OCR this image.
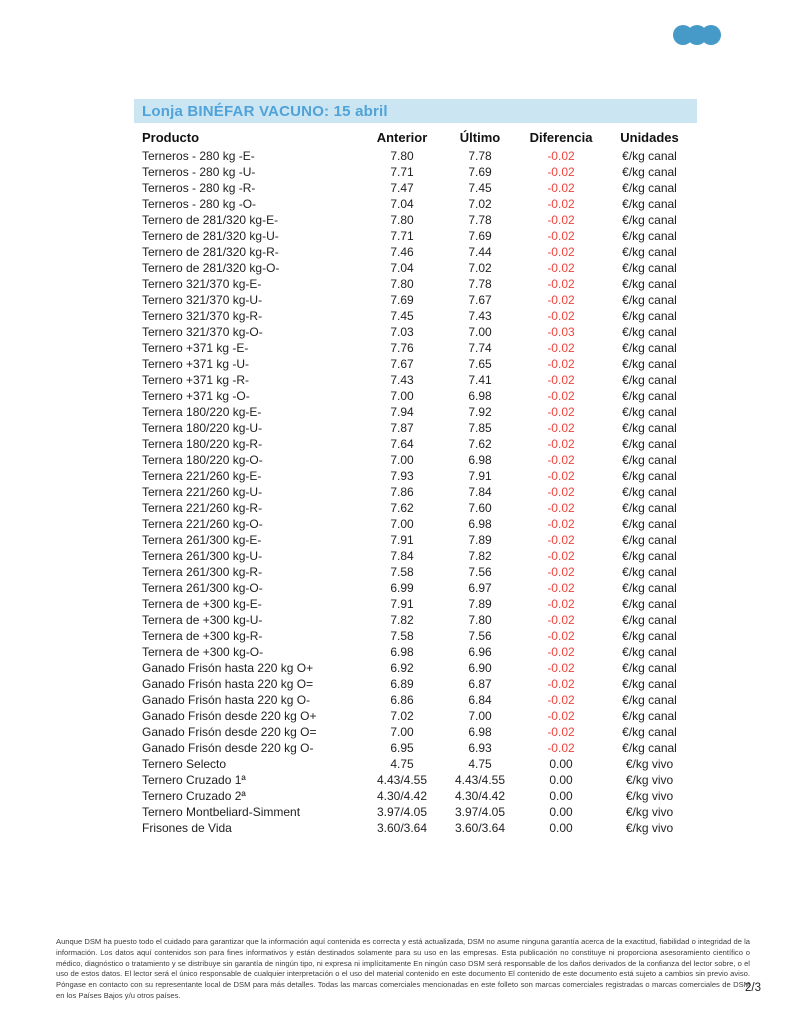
Lonja BINÉFAR VACUNO: 15 abril
Producto	Anterior	Último	Diferencia	Unidades
Terneros - 280 kg -E-	7.80	7.78	-0.02	€/kg canal
Terneros - 280 kg -U-	7.71	7.69	-0.02	€/kg canal
Terneros - 280 kg -R-	7.47	7.45	-0.02	€/kg canal
Terneros - 280 kg -O-	7.04	7.02	-0.02	€/kg canal
Ternero de 281/320 kg-E-	7.80	7.78	-0.02	€/kg canal
Ternero de 281/320 kg-U-	7.71	7.69	-0.02	€/kg canal
Ternero de 281/320 kg-R-	7.46	7.44	-0.02	€/kg canal
Ternero de 281/320 kg-O-	7.04	7.02	-0.02	€/kg canal
Ternero 321/370 kg-E-	7.80	7.78	-0.02	€/kg canal
Ternero 321/370 kg-U-	7.69	7.67	-0.02	€/kg canal
Ternero 321/370 kg-R-	7.45	7.43	-0.02	€/kg canal
Ternero 321/370 kg-O-	7.03	7.00	-0.03	€/kg canal
Ternero +371 kg -E-	7.76	7.74	-0.02	€/kg canal
Ternero +371 kg -U-	7.67	7.65	-0.02	€/kg canal
Ternero +371 kg -R-	7.43	7.41	-0.02	€/kg canal
Ternero +371 kg -O-	7.00	6.98	-0.02	€/kg canal
Ternera 180/220 kg-E-	7.94	7.92	-0.02	€/kg canal
Ternera 180/220 kg-U-	7.87	7.85	-0.02	€/kg canal
Ternera 180/220 kg-R-	7.64	7.62	-0.02	€/kg canal
Ternera 180/220 kg-O-	7.00	6.98	-0.02	€/kg canal
Ternera 221/260 kg-E-	7.93	7.91	-0.02	€/kg canal
Ternera 221/260 kg-U-	7.86	7.84	-0.02	€/kg canal
Ternera 221/260 kg-R-	7.62	7.60	-0.02	€/kg canal
Ternera 221/260 kg-O-	7.00	6.98	-0.02	€/kg canal
Ternera 261/300 kg-E-	7.91	7.89	-0.02	€/kg canal
Ternera 261/300 kg-U-	7.84	7.82	-0.02	€/kg canal
Ternera 261/300 kg-R-	7.58	7.56	-0.02	€/kg canal
Ternera 261/300 kg-O-	6.99	6.97	-0.02	€/kg canal
Ternera de +300 kg-E-	7.91	7.89	-0.02	€/kg canal
Ternera de +300 kg-U-	7.82	7.80	-0.02	€/kg canal
Ternera de +300 kg-R-	7.58	7.56	-0.02	€/kg canal
Ternera de +300 kg-O-	6.98	6.96	-0.02	€/kg canal
Ganado Frisón hasta 220 kg O+	6.92	6.90	-0.02	€/kg canal
Ganado Frisón hasta 220 kg O=	6.89	6.87	-0.02	€/kg canal
Ganado Frisón hasta 220 kg O-	6.86	6.84	-0.02	€/kg canal
Ganado Frisón desde 220 kg O+	7.02	7.00	-0.02	€/kg canal
Ganado Frisón desde 220 kg O=	7.00	6.98	-0.02	€/kg canal
Ganado Frisón desde 220 kg O-	6.95	6.93	-0.02	€/kg canal
Ternero Selecto	4.75	4.75	0.00	€/kg vivo
Ternero Cruzado 1ª	4.43/4.55	4.43/4.55	0.00	€/kg vivo
Ternero Cruzado 2ª	4.30/4.42	4.30/4.42	0.00	€/kg vivo
Ternero Montbeliard-Simment	3.97/4.05	3.97/4.05	0.00	€/kg vivo
Frisones de Vida	3.60/3.64	3.60/3.64	0.00	€/kg vivo
Aunque DSM ha puesto todo el cuidado para garantizar que la información aquí contenida es correcta y está actualizada, DSM no asume ninguna garantía acerca de la exactitud, fiabilidad o integridad de la información. Los datos aquí contenidos son para fines informativos y están destinados solamente para su uso en las empresas. Esta publicación no constituye ni proporciona asesoramiento científico o médico, diagnóstico o tratamiento y se distribuye sin garantía de ningún tipo, ni expresa ni implícitamente En ningún caso DSM será responsable de los daños derivados de la confianza del lector sobre, o el uso de estos datos. El lector será el único responsable de cualquier interpretación o el uso del material contenido en este documento El contenido de este documento está sujeto a cambios sin previo aviso. Póngase en contacto con su representante local de DSM para más detalles. Todas las marcas comerciales mencionadas en este folleto son marcas comerciales registradas o marcas comerciales de DSM en los Países Bajos y/u otros países.
2/3
